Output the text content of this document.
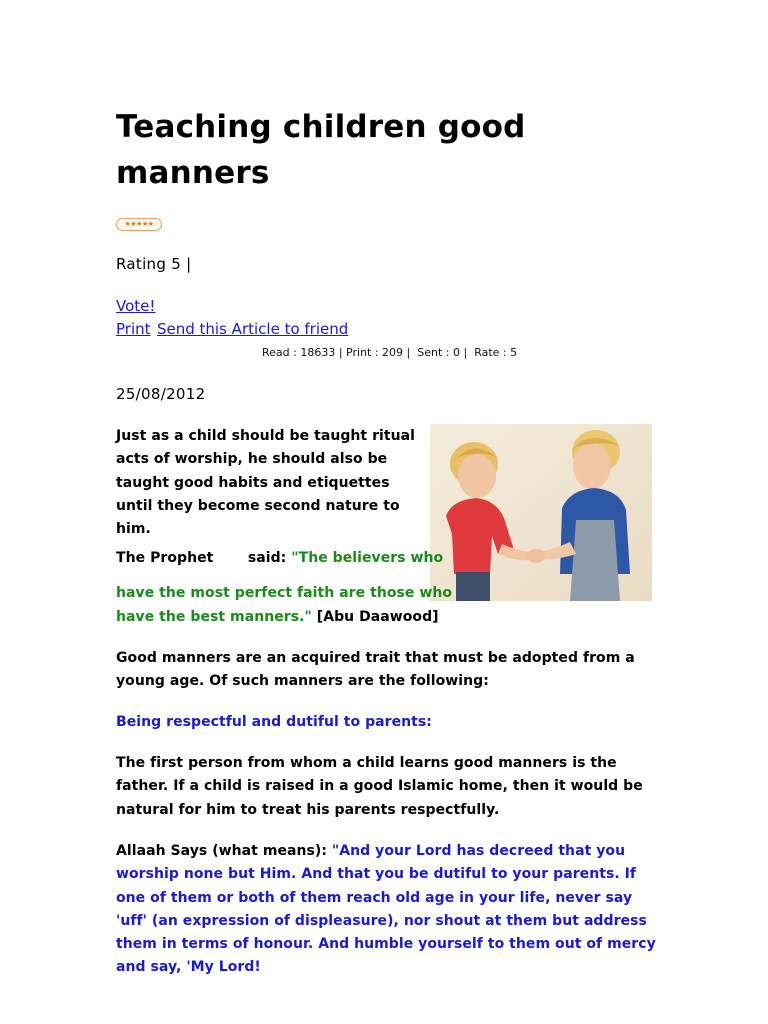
Teaching children good manners
★★★★★
Rating 5 |
Vote!
Print Send this Article to friend
Read : 18633 | Print : 209 |  Sent : 0 |  Rate : 5
25/08/2012
Just as a child should be taught ritual acts of worship, he should also be taught good habits and etiquettes until they become second nature to him.
The Prophet       said: "The believers who
have the most perfect faith are those who
have the best manners." [Abu Daawood]
Good manners are an acquired trait that must be adopted from a young age. Of such manners are the following:
Being respectful and dutiful to parents:
The first person from whom a child learns good manners is the father. If a child is raised in a good Islamic home, then it would be natural for him to treat his parents respectfully.
Allaah Says (what means): "And your Lord has decreed that you worship none but Him. And that you be dutiful to your parents. If one of them or both of them reach old age in your life, never say 'uff' (an expression of displeasure), nor shout at them but address them in terms of honour. And humble yourself to them out of mercy and say, 'My Lord!
